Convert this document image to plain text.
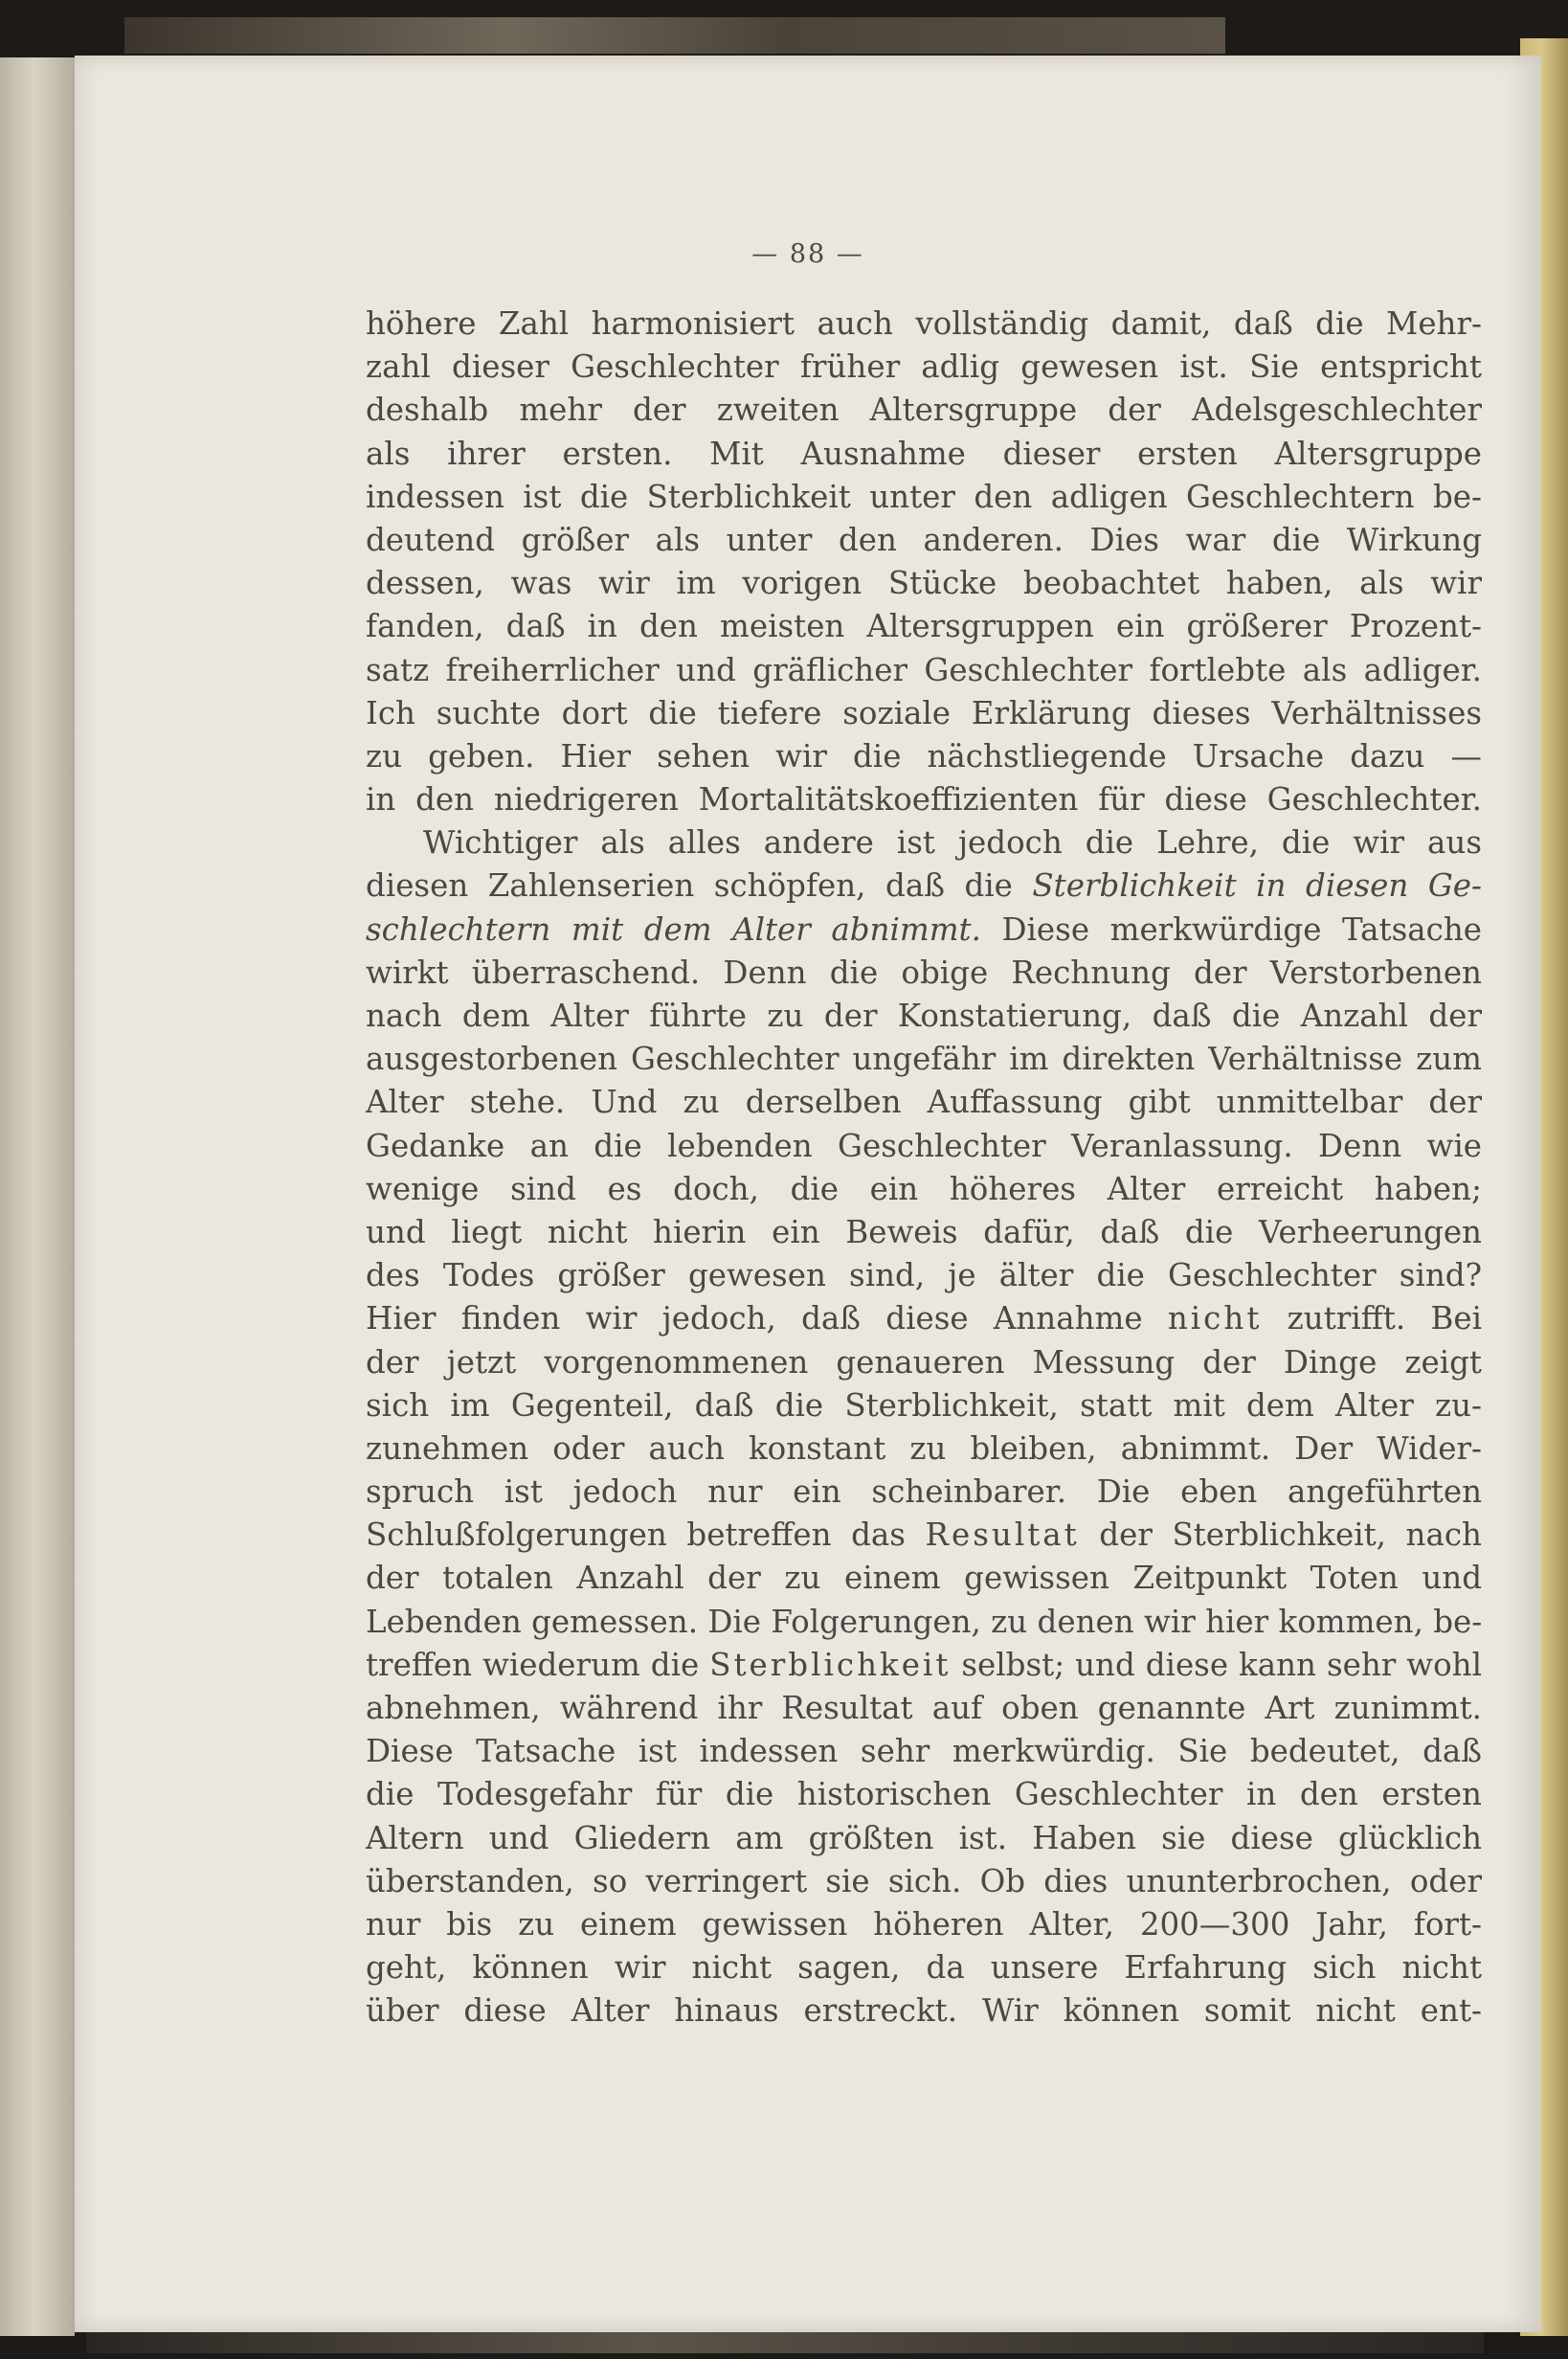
— 88 —
höhere Zahl harmonisiert auch vollständig damit, daß die Mehr-
zahl dieser Geschlechter früher adlig gewesen ist. Sie entspricht
deshalb mehr der zweiten Altersgruppe der Adelsgeschlechter
als ihrer ersten. Mit Ausnahme dieser ersten Altersgruppe
indessen ist die Sterblichkeit unter den adligen Geschlechtern be-
deutend größer als unter den anderen. Dies war die Wirkung
dessen, was wir im vorigen Stücke beobachtet haben, als wir
fanden, daß in den meisten Altersgruppen ein größerer Prozent-
satz freiherrlicher und gräflicher Geschlechter fortlebte als adliger.
Ich suchte dort die tiefere soziale Erklärung dieses Verhältnisses
zu geben. Hier sehen wir die nächstliegende Ursache dazu —
in den niedrigeren Mortalitätskoeffizienten für diese Geschlechter.
Wichtiger als alles andere ist jedoch die Lehre, die wir aus
diesen Zahlenserien schöpfen, daß die Sterblichkeit in diesen Ge-
schlechtern mit dem Alter abnimmt. Diese merkwürdige Tatsache
wirkt überraschend. Denn die obige Rechnung der Verstorbenen
nach dem Alter führte zu der Konstatierung, daß die Anzahl der
ausgestorbenen Geschlechter ungefähr im direkten Verhältnisse zum
Alter stehe. Und zu derselben Auffassung gibt unmittelbar der
Gedanke an die lebenden Geschlechter Veranlassung. Denn wie
wenige sind es doch, die ein höheres Alter erreicht haben;
und liegt nicht hierin ein Beweis dafür, daß die Verheerungen
des Todes größer gewesen sind, je älter die Geschlechter sind?
Hier finden wir jedoch, daß diese Annahme nicht zutrifft. Bei
der jetzt vorgenommenen genaueren Messung der Dinge zeigt
sich im Gegenteil, daß die Sterblichkeit, statt mit dem Alter zu-
zunehmen oder auch konstant zu bleiben, abnimmt. Der Wider-
spruch ist jedoch nur ein scheinbarer. Die eben angeführten
Schlußfolgerungen betreffen das Resultat der Sterblichkeit, nach
der totalen Anzahl der zu einem gewissen Zeitpunkt Toten und
Lebenden gemessen. Die Folgerungen, zu denen wir hier kommen, be-
treffen wiederum die Sterblichkeit selbst; und diese kann sehr wohl
abnehmen, während ihr Resultat auf oben genannte Art zunimmt.
Diese Tatsache ist indessen sehr merkwürdig. Sie bedeutet, daß
die Todesgefahr für die historischen Geschlechter in den ersten
Altern und Gliedern am größten ist. Haben sie diese glücklich
überstanden, so verringert sie sich. Ob dies ununterbrochen, oder
nur bis zu einem gewissen höheren Alter, 200—300 Jahr, fort-
geht, können wir nicht sagen, da unsere Erfahrung sich nicht
über diese Alter hinaus erstreckt. Wir können somit nicht ent-
